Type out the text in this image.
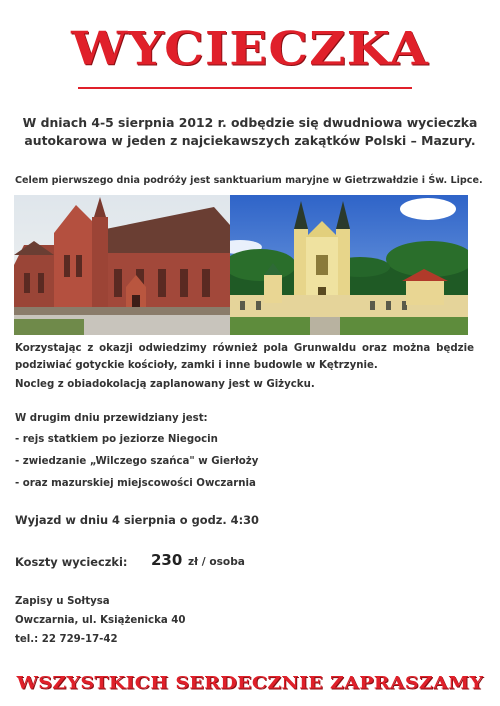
WYCIECZKA
W dniach 4-5 sierpnia 2012 r. odbędzie się dwudniowa wycieczka autokarowa w jeden z najciekawszych zakątków Polski – Mazury.
Celem pierwszego dnia podróży jest sanktuarium maryjne w Gietrzwałdzie i Św. Lipce.
Korzystając z okazji odwiedzimy również pola Grunwaldu oraz można będzie podziwiać gotyckie kościoły, zamki i inne budowle w Kętrzynie.
Nocleg z obiadokolacją zaplanowany jest w Giżycku.
W drugim dniu przewidziany jest:
- rejs statkiem po jeziorze Niegocin
- zwiedzanie „Wilczego szańca" w Gierłoży
- oraz mazurskiej miejscowości Owczarnia
Wyjazd w dniu 4 sierpnia o godz. 4:30
Koszty wycieczki: 230 zł / osoba
Zapisy u Sołtysa
Owczarnia, ul. Książenicka 40
tel.: 22 729-17-42
WSZYSTKICH SERDECZNIE ZAPRASZAMY
